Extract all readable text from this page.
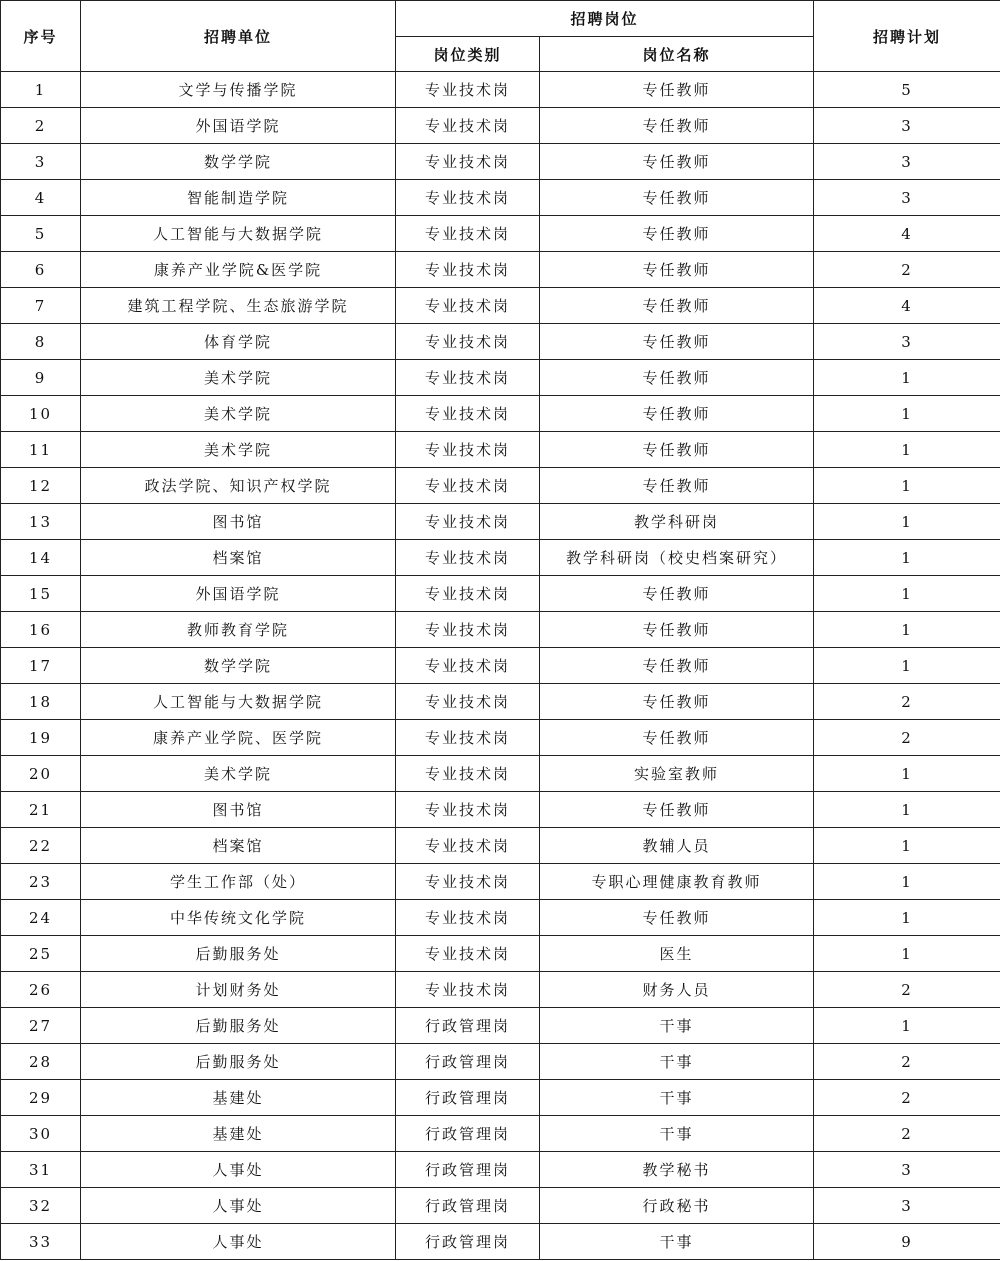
序号	招聘单位	招聘岗位		招聘计划
		岗位类别	岗位名称	
1	文学与传播学院	专业技术岗	专任教师	5
2	外国语学院	专业技术岗	专任教师	3
3	数学学院	专业技术岗	专任教师	3
4	智能制造学院	专业技术岗	专任教师	3
5	人工智能与大数据学院	专业技术岗	专任教师	4
6	康养产业学院&医学院	专业技术岗	专任教师	2
7	建筑工程学院、生态旅游学院	专业技术岗	专任教师	4
8	体育学院	专业技术岗	专任教师	3
9	美术学院	专业技术岗	专任教师	1
10	美术学院	专业技术岗	专任教师	1
11	美术学院	专业技术岗	专任教师	1
12	政法学院、知识产权学院	专业技术岗	专任教师	1
13	图书馆	专业技术岗	教学科研岗	1
14	档案馆	专业技术岗	教学科研岗（校史档案研究）	1
15	外国语学院	专业技术岗	专任教师	1
16	教师教育学院	专业技术岗	专任教师	1
17	数学学院	专业技术岗	专任教师	1
18	人工智能与大数据学院	专业技术岗	专任教师	2
19	康养产业学院、医学院	专业技术岗	专任教师	2
20	美术学院	专业技术岗	实验室教师	1
21	图书馆	专业技术岗	专任教师	1
22	档案馆	专业技术岗	教辅人员	1
23	学生工作部（处）	专业技术岗	专职心理健康教育教师	1
24	中华传统文化学院	专业技术岗	专任教师	1
25	后勤服务处	专业技术岗	医生	1
26	计划财务处	专业技术岗	财务人员	2
27	后勤服务处	行政管理岗	干事	1
28	后勤服务处	行政管理岗	干事	2
29	基建处	行政管理岗	干事	2
30	基建处	行政管理岗	干事	2
31	人事处	行政管理岗	教学秘书	3
32	人事处	行政管理岗	行政秘书	3
33	人事处	行政管理岗	干事	9
